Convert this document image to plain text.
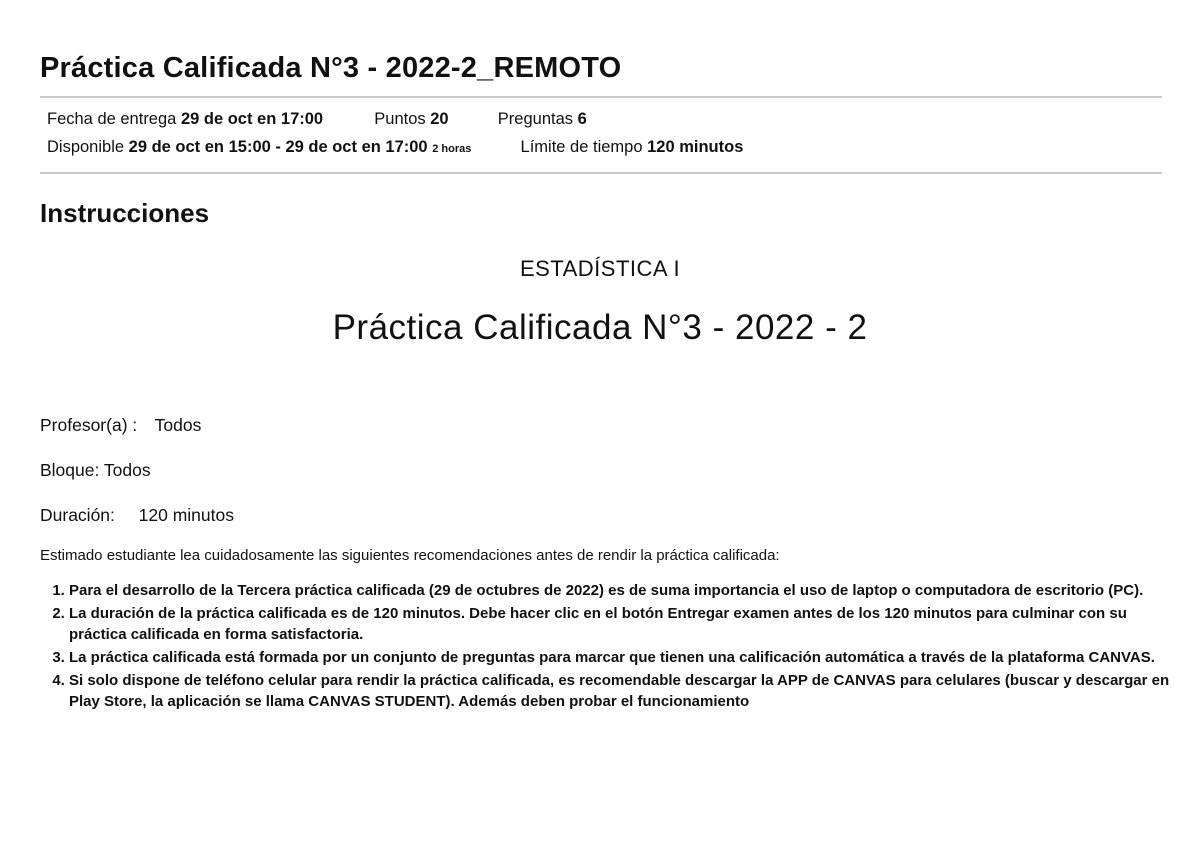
Práctica Calificada N°3 - 2022-2_REMOTO
Fecha de entrega 29 de oct en 17:00	Puntos 20	Preguntas 6
Disponible 29 de oct en 15:00 - 29 de oct en 17:00 2 horas	Límite de tiempo 120 minutos
Instrucciones
ESTADÍSTICA I
Práctica Calificada N°3 - 2022 - 2
Profesor(a) : Todos
Bloque: Todos
Duración: 120 minutos
Estimado estudiante lea cuidadosamente las siguientes recomendaciones antes de rendir la práctica calificada:
1. Para el desarrollo de la Tercera práctica calificada (29 de octubres de 2022) es de suma importancia el uso de laptop o computadora de escritorio (PC).
2. La duración de la práctica calificada es de 120 minutos. Debe hacer clic en el botón Entregar examen antes de los 120 minutos para culminar con su práctica calificada en forma satisfactoria.
3. La práctica calificada está formada por un conjunto de preguntas para marcar que tienen una calificación automática a través de la plataforma CANVAS.
4. Si solo dispone de teléfono celular para rendir la práctica calificada, es recomendable descargar la APP de CANVAS para celulares (buscar y descargar en Play Store, la aplicación se llama CANVAS STUDENT). Además deben probar el funcionamiento
